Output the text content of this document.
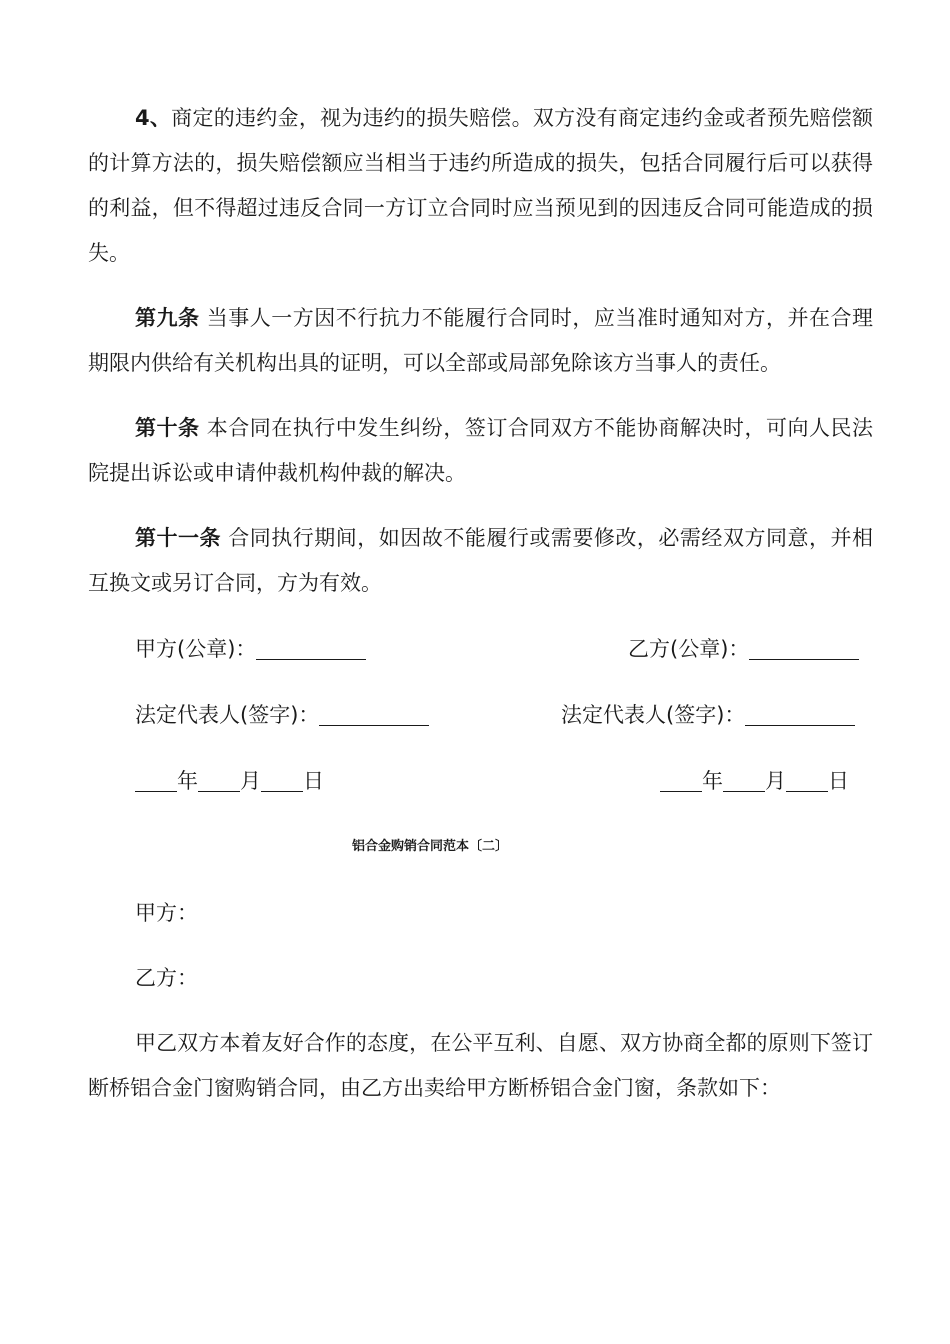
4、商定的违约金，视为违约的损失赔偿。双方没有商定违约金或者预先赔偿额的计算方法的，损失赔偿额应当相当于违约所造成的损失，包括合同履行后可以获得的利益，但不得超过违反合同一方订立合同时应当预见到的因违反合同可能造成的损失。

第九条 当事人一方因不行抗力不能履行合同时，应当准时通知对方，并在合理期限内供给有关机构出具的证明，可以全部或局部免除该方当事人的责任。

第十条 本合同在执行中发生纠纷，签订合同双方不能协商解决时，可向人民法院提出诉讼或申请仲裁机构仲裁的解决。

第十一条 合同执行期间，如因故不能履行或需要修改，必需经双方同意，并相互换文或另订合同，方为有效。

甲方(公章)：	乙方(公章)：
法定代表人(签字)：	法定代表人(签字)：
年 月 日	年 月 日
铝合金购销合同范本〔二〕
甲方：
乙方：

甲乙双方本着友好合作的态度，在公平互利、自愿、双方协商全都的原则下签订断桥铝合金门窗购销合同，由乙方出卖给甲方断桥铝合金门窗，条款如下：
